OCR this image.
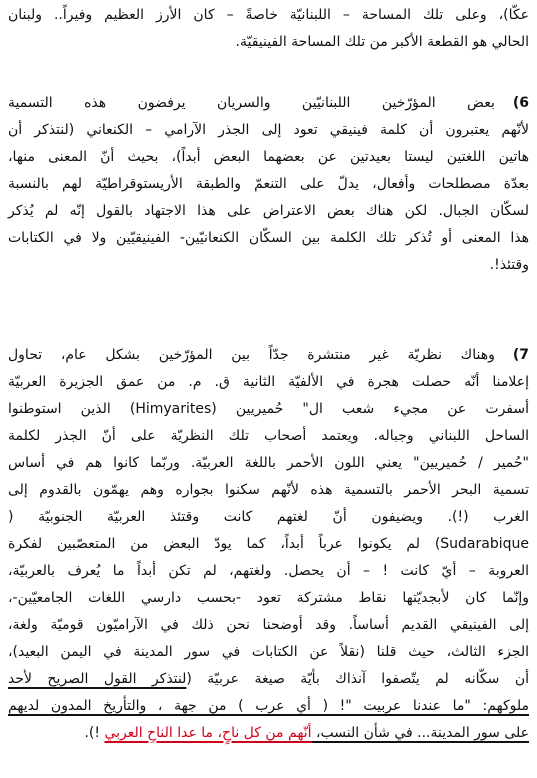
عكّا)، وعلى تلك المساحة – اللبنانيّة خاصةً – كان الأرز العظيم وفيراً.. ولبنان
الحالي هو القطعة الأكبر من تلك المساحة الفينيقيّة.
6)بعض المؤرّخين اللبنانيّين والسريان يرفضون هذه التسمية
لأنّهم يعتبرون أن كلمة فينيقي تعود إلى الجذر الآرامي – الكنعاني (لنتذكر أن
هاتين اللغتين ليستا بعيدتين عن بعضهما البعض أبداً)، بحيث أنّ المعنى منها،
بعدّة مصطلحات وأفعال، يدلّ على التنعمّ والطبقة الأريستوقراطيّة لهم بالنسبة
لسكّان الجبال. لكن هناك بعض الاعتراض على هذا الاجتهاد بالقول إنّه لم يُذكر
هذا المعنى أو تُذكر تلك الكلمة بين السكّان الكنعانيّين- الفينيقيّين ولا في الكتابات
وقتئذ!.
7)وهناك نظريّة غير منتشرة جدّاً بين المؤرّخين بشكل عام، تحاول
إعلامنا أنّه حصلت هجرة في الألفيّة الثانية ق. م. من عمق الجزيرة العربيّة
أسفرت عن مجيء شعب ال" حُميريين (Himyarites) الذين استوطنوا
الساحل اللبناني وجباله. ويعتمد أصحاب تلك النظريّة على أنّ الجذر لكلمة
"حُمير / حُميريين" يعني اللون الأحمر باللغة العربيّة. وربّما كانوا هم في أساس
تسمية البحر الأحمر بالتسمية هذه لأنّهم سكنوا بجواره وهم يهمّون بالقدوم إلى
الغرب (!). ويضيفون أنّ لغتهم كانت وقتئذ العربيّة الجنوبيّة (
Sudarabique) لم يكونوا عرباً أبداً، كما يودّ البعض من المتعصّبين لفكرة
العروبة – أيّ كانت ! – أن يحصل. ولغتهم، لم تكن أبداً ما يُعرف بالعربيّة،
وإنّما كان لأبجديّتها نقاط مشتركة تعود -بحسب دارسي اللغات الجامعيّين-،
إلى الفينيقي القديم أساساً. وقد أوضحنا نحن ذلك في الآراميّون قوميّة ولغة،
الجزء الثالث، حيث قلنا (نقلاً عن الكتابات في سور المدينة في اليمن البعيد)،
أن سكّانه لم يتّصفوا آنذاك بأيّة صيغة عربيّة (لنتذكر القول الصريح لأحد
ملوكهم: "ما عندنا عربيت "! ( أي عرب ) من جهة ، والتأريخ المدون لديهم
على سور المدينة... في شأن النسب، أنّهم من كل ناحٍ، ما عدا الناحِ العربي !).
